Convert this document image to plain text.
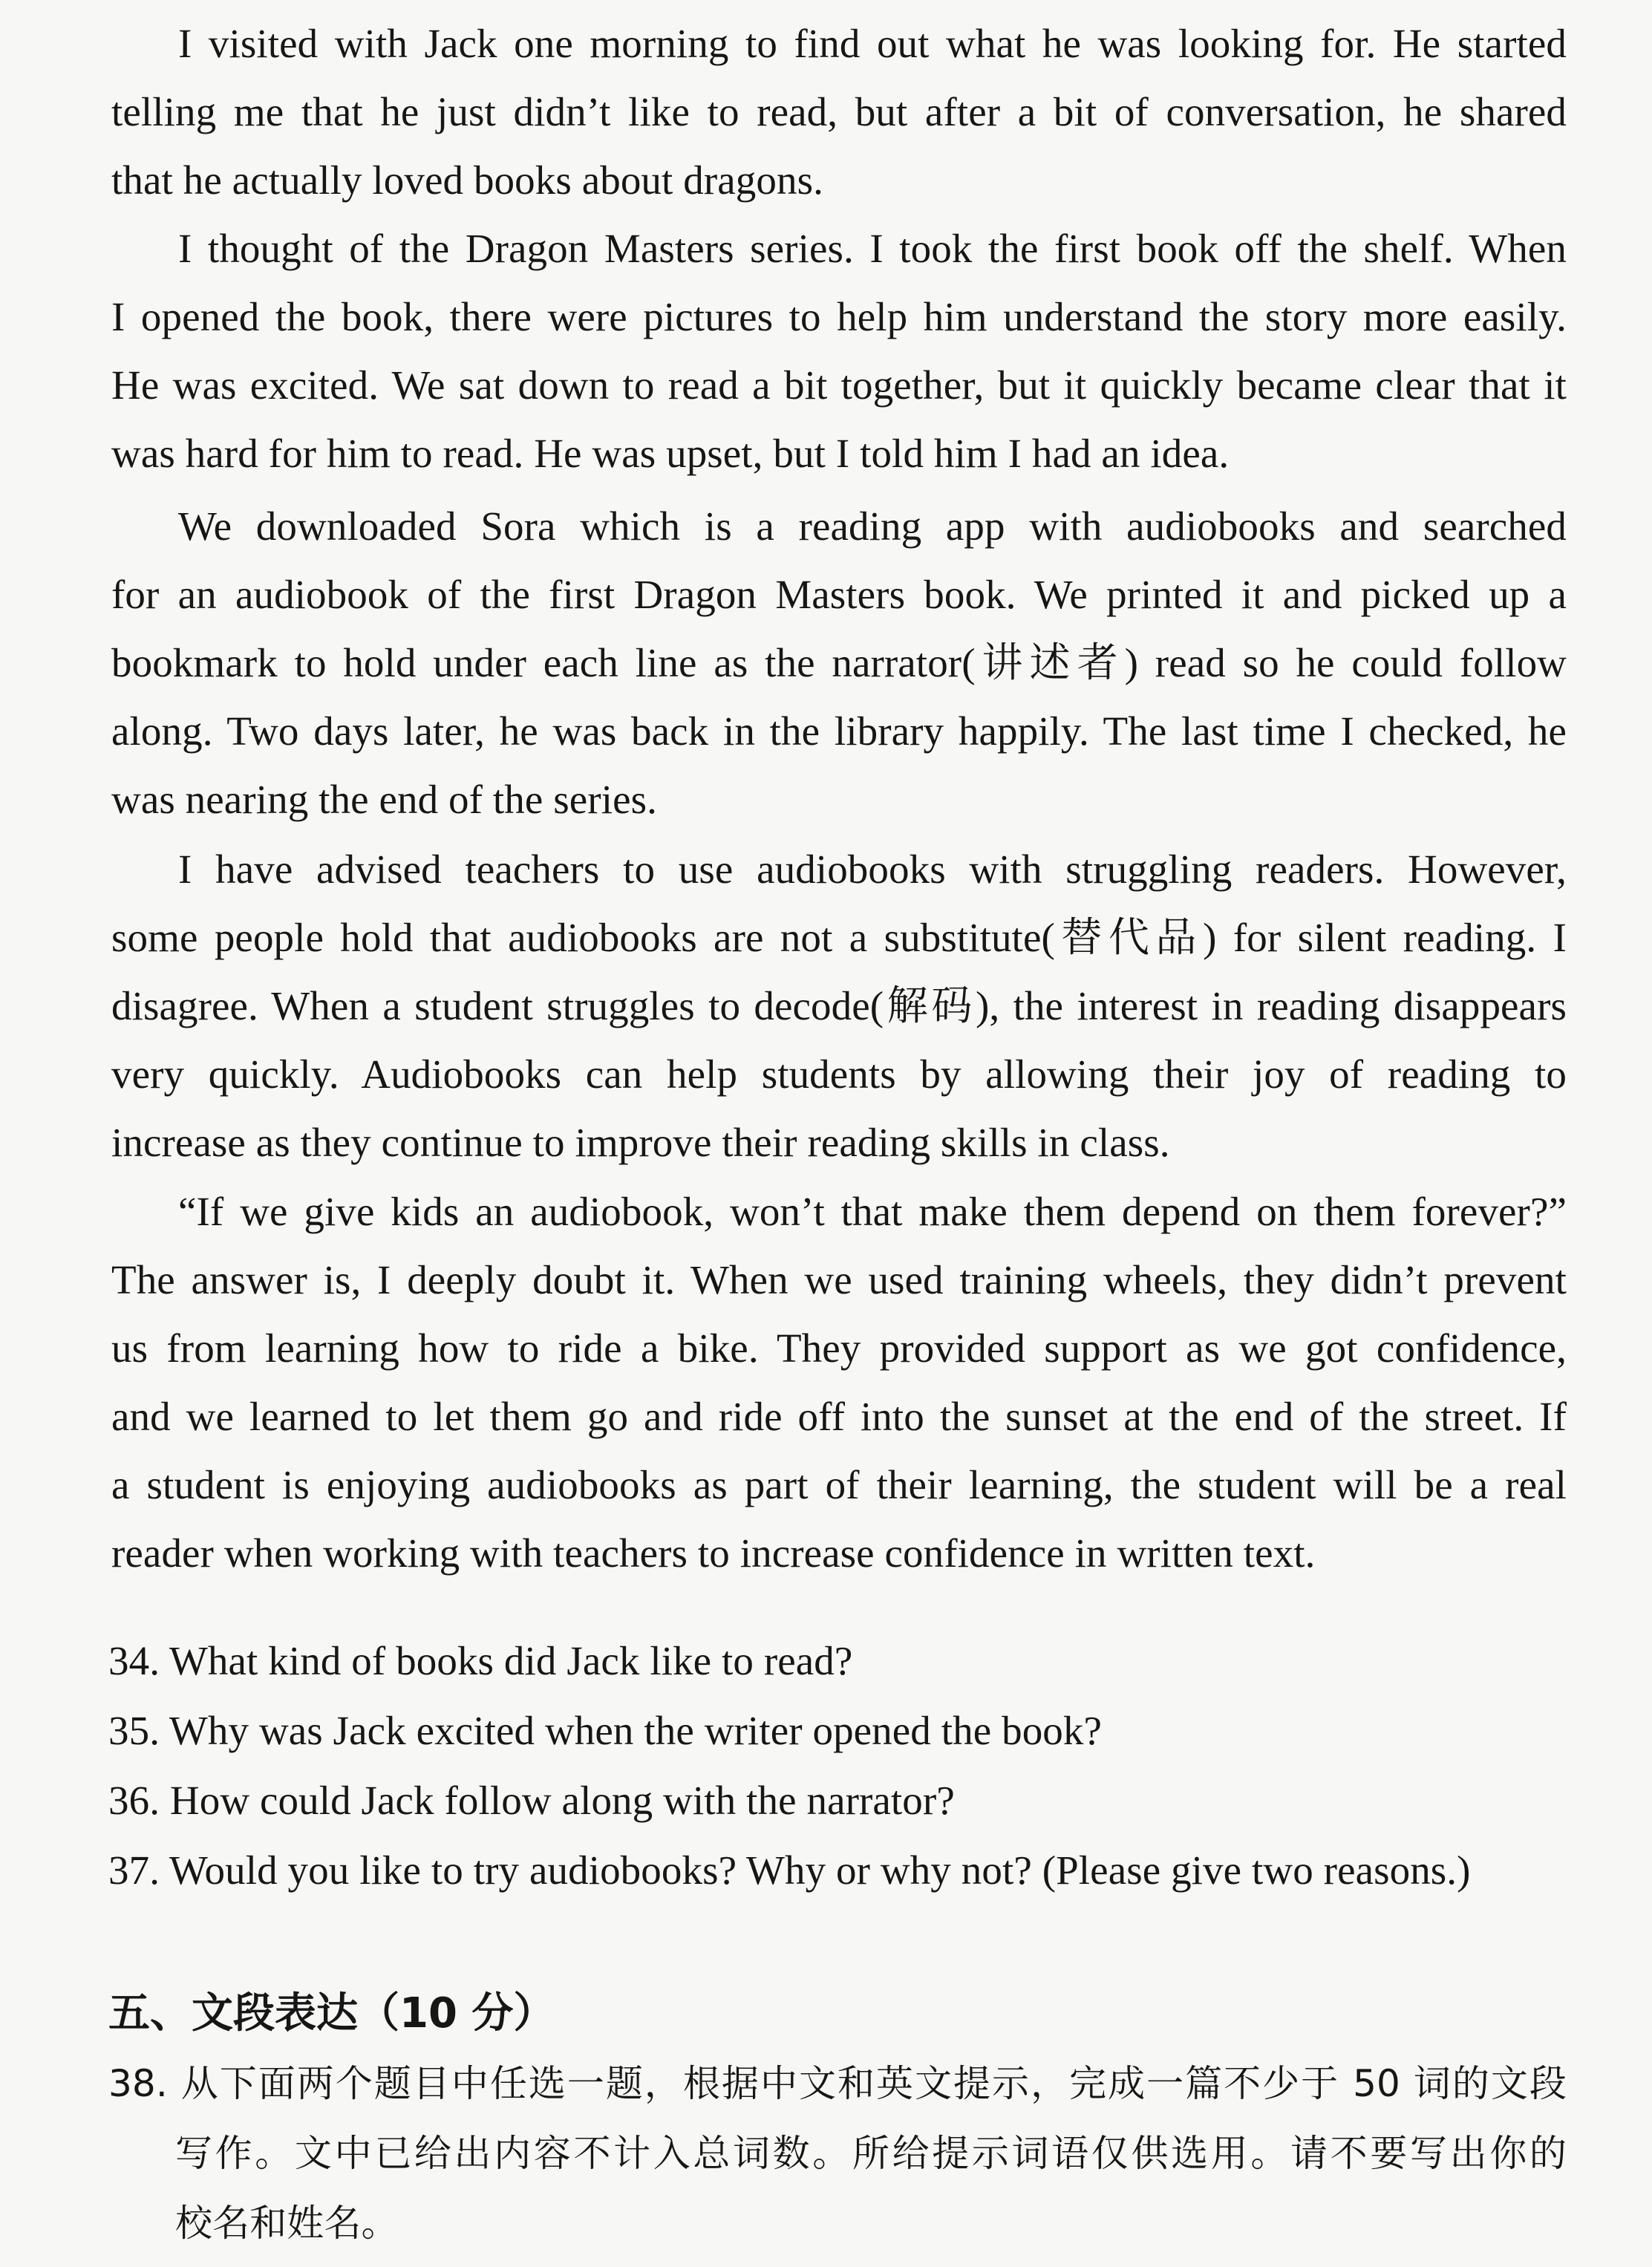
I visited with Jack one morning to find out what he was looking for. He started
telling me that he just didn’t like to read, but after a bit of conversation, he shared
that he actually loved books about dragons.
I thought of the Dragon Masters series. I took the first book off the shelf. When
I opened the book, there were pictures to help him understand the story more easily.
He was excited. We sat down to read a bit together, but it quickly became clear that it
was hard for him to read. He was upset, but I told him I had an idea.
We downloaded Sora which is a reading app with audiobooks and searched
for an audiobook of the first Dragon Masters book. We printed it and picked up a
bookmark to hold under each line as the narrator(讲述者) read so he could follow
along. Two days later, he was back in the library happily. The last time I checked, he
was nearing the end of the series.
I have advised teachers to use audiobooks with struggling readers. However,
some people hold that audiobooks are not a substitute(替代品) for silent reading. I
disagree. When a student struggles to decode(解码), the interest in reading disappears
very quickly. Audiobooks can help students by allowing their joy of reading to
increase as they continue to improve their reading skills in class.
“If we give kids an audiobook, won’t that make them depend on them forever?”
The answer is, I deeply doubt it. When we used training wheels, they didn’t prevent
us from learning how to ride a bike. They provided support as we got confidence,
and we learned to let them go and ride off into the sunset at the end of the street. If
a student is enjoying audiobooks as part of their learning, the student will be a real
reader when working with teachers to increase confidence in written text.
34. What kind of books did Jack like to read?
35. Why was Jack excited when the writer opened the book?
36. How could Jack follow along with the narrator?
37. Would you like to try audiobooks? Why or why not? (Please give two reasons.)
五、文段表达（10 分）
38. 从下面两个题目中任选一题，根据中文和英文提示，完成一篇不少于 50 词的文段
写作。文中已给出内容不计入总词数。所给提示词语仅供选用。请不要写出你的
校名和姓名。
